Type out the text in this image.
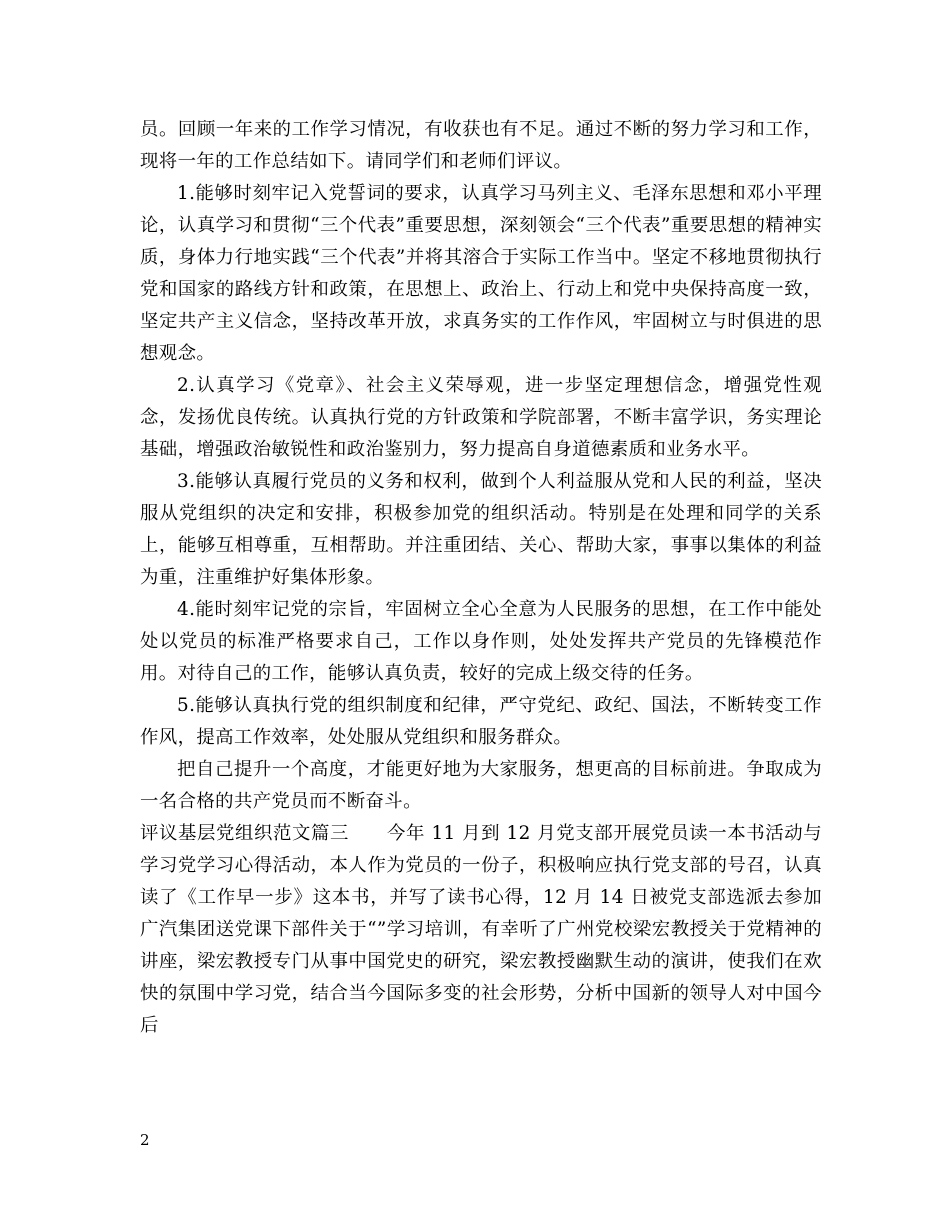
员。回顾一年来的工作学习情况，有收获也有不足。通过不断的努力学习和工作，现将一年的工作总结如下。请同学们和老师们评议。

1.能够时刻牢记入党誓词的要求，认真学习马列主义、毛泽东思想和邓小平理论，认真学习和贯彻“三个代表”重要思想，深刻领会“三个代表”重要思想的精神实质，身体力行地实践“三个代表”并将其溶合于实际工作当中。坚定不移地贯彻执行党和国家的路线方针和政策，在思想上、政治上、行动上和党中央保持高度一致，坚定共产主义信念，坚持改革开放，求真务实的工作作风，牢固树立与时俱进的思想观念。

2.认真学习《党章》、社会主义荣辱观，进一步坚定理想信念，增强党性观念，发扬优良传统。认真执行党的方针政策和学院部署，不断丰富学识，务实理论基础，增强政治敏锐性和政治鉴别力，努力提高自身道德素质和业务水平。

3.能够认真履行党员的义务和权利，做到个人利益服从党和人民的利益，坚决服从党组织的决定和安排，积极参加党的组织活动。特别是在处理和同学的关系上，能够互相尊重，互相帮助。并注重团结、关心、帮助大家，事事以集体的利益为重，注重维护好集体形象。

4.能时刻牢记党的宗旨，牢固树立全心全意为人民服务的思想，在工作中能处处以党员的标准严格要求自己，工作以身作则，处处发挥共产党员的先锋模范作用。对待自己的工作，能够认真负责，较好的完成上级交待的任务。

5.能够认真执行党的组织制度和纪律，严守党纪、政纪、国法，不断转变工作作风，提高工作效率，处处服从党组织和服务群众。

把自己提升一个高度，才能更好地为大家服务，想更高的目标前进。争取成为一名合格的共产党员而不断奋斗。

评议基层党组织范文篇三　　今年 11 月到 12 月党支部开展党员读一本书活动与学习党学习心得活动，本人作为党员的一份子，积极响应执行党支部的号召，认真读了《工作早一步》这本书，并写了读书心得，12 月 14 日被党支部选派去参加广汽集团送党课下部件关于“”学习培训，有幸听了广州党校梁宏教授关于党精神的讲座，梁宏教授专门从事中国党史的研究，梁宏教授幽默生动的演讲，使我们在欢快的氛围中学习党，结合当今国际多变的社会形势，分析中国新的领导人对中国今后

2
